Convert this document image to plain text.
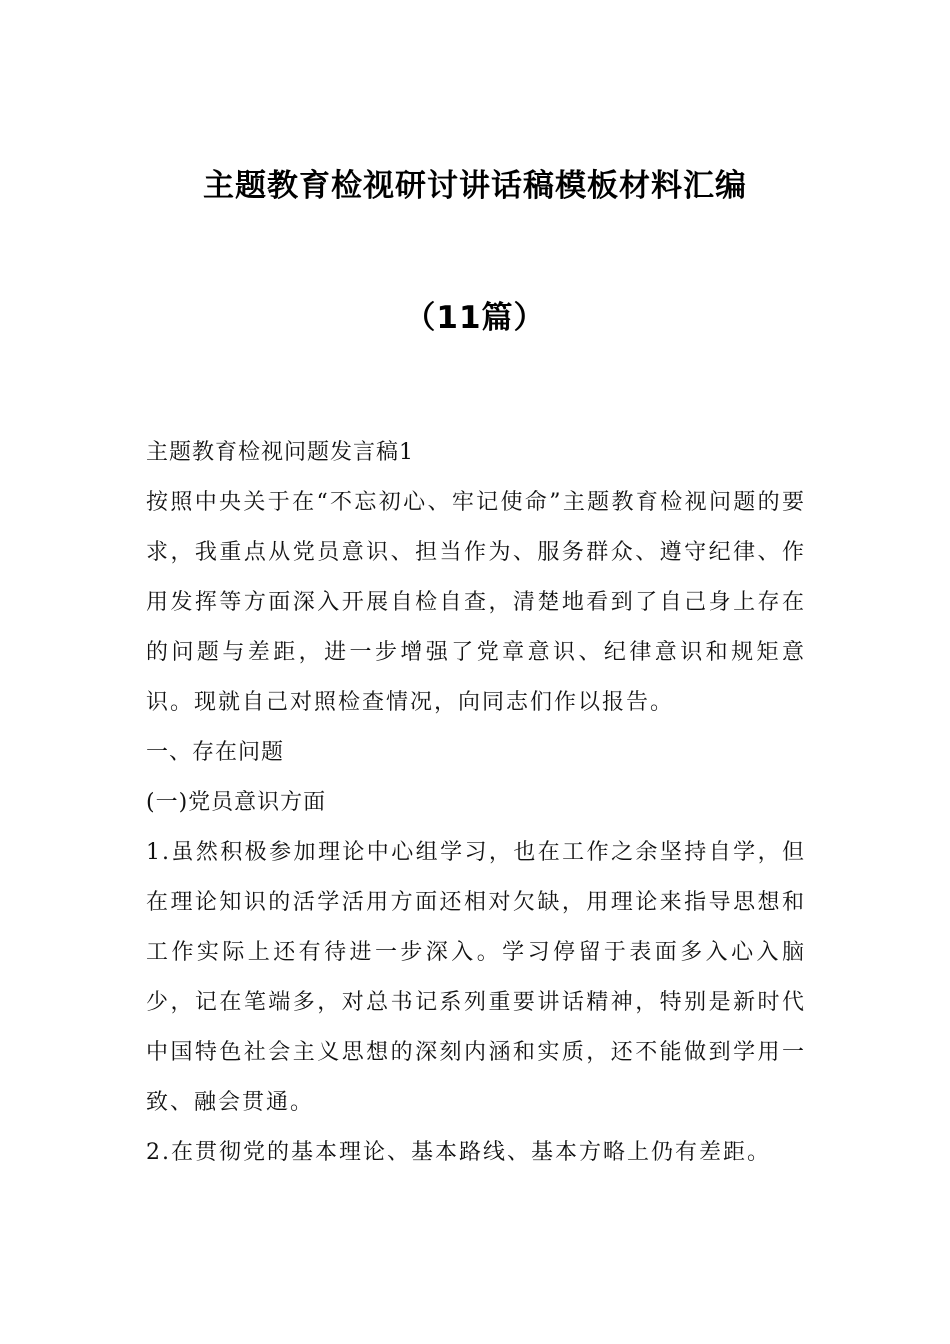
主题教育检视研讨讲话稿模板材料汇编
（11篇）

主题教育检视问题发言稿1

按照中央关于在“不忘初心、牢记使命”主题教育检视问题的要求，我重点从党员意识、担当作为、服务群众、遵守纪律、作用发挥等方面深入开展自检自查，清楚地看到了自己身上存在的问题与差距，进一步增强了党章意识、纪律意识和规矩意识。现就自己对照检查情况，向同志们作以报告。

一、存在问题

(一)党员意识方面

1.虽然积极参加理论中心组学习，也在工作之余坚持自学，但在理论知识的活学活用方面还相对欠缺，用理论来指导思想和工作实际上还有待进一步深入。学习停留于表面多入心入脑少，记在笔端多，对总书记系列重要讲话精神，特别是新时代中国特色社会主义思想的深刻内涵和实质，还不能做到学用一致、融会贯通。

2.在贯彻党的基本理论、基本路线、基本方略上仍有差距。
